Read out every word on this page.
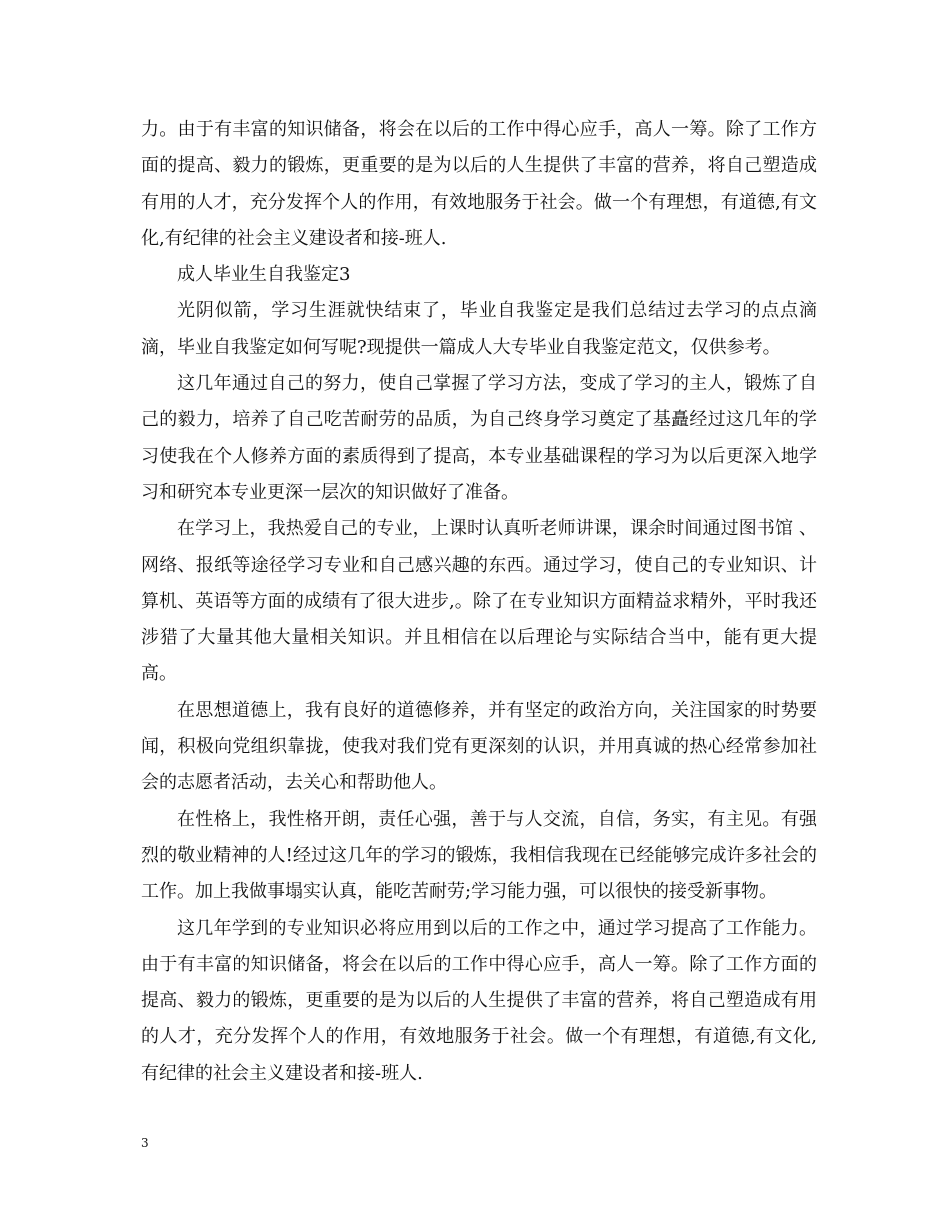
力。由于有丰富的知识储备，将会在以后的工作中得心应手，高人一筹。除了工作方面的提高、毅力的锻炼，更重要的是为以后的人生提供了丰富的营养，将自己塑造成有用的人才，充分发挥个人的作用，有效地服务于社会。做一个有理想，有道德,有文化,有纪律的社会主义建设者和接-班人.

成人毕业生自我鉴定3

光阴似箭，学习生涯就快结束了，毕业自我鉴定是我们总结过去学习的点点滴滴，毕业自我鉴定如何写呢?现提供一篇成人大专毕业自我鉴定范文，仅供参考。

这几年通过自己的努力，使自己掌握了学习方法，变成了学习的主人，锻炼了自己的毅力，培养了自己吃苦耐劳的品质，为自己终身学习奠定了基矗经过这几年的学习使我在个人修养方面的素质得到了提高，本专业基础课程的学习为以后更深入地学习和研究本专业更深一层次的知识做好了准备。

在学习上，我热爱自己的专业，上课时认真听老师讲课，课余时间通过图书馆 、网络、报纸等途径学习专业和自己感兴趣的东西。通过学习，使自己的专业知识、计算机、英语等方面的成绩有了很大进步,。除了在专业知识方面精益求精外，平时我还涉猎了大量其他大量相关知识。并且相信在以后理论与实际结合当中，能有更大提高。

在思想道德上，我有良好的道德修养，并有坚定的政治方向，关注国家的时势要闻，积极向党组织靠拢，使我对我们党有更深刻的认识，并用真诚的热心经常参加社会的志愿者活动，去关心和帮助他人。

在性格上，我性格开朗，责任心强，善于与人交流，自信，务实，有主见。有强烈的敬业精神的人!经过这几年的学习的锻炼，我相信我现在已经能够完成许多社会的工作。加上我做事塌实认真，能吃苦耐劳;学习能力强，可以很快的接受新事物。

这几年学到的专业知识必将应用到以后的工作之中，通过学习提高了工作能力。由于有丰富的知识储备，将会在以后的工作中得心应手，高人一筹。除了工作方面的提高、毅力的锻炼，更重要的是为以后的人生提供了丰富的营养，将自己塑造成有用的人才，充分发挥个人的作用，有效地服务于社会。做一个有理想，有道德,有文化,有纪律的社会主义建设者和接-班人.

3
